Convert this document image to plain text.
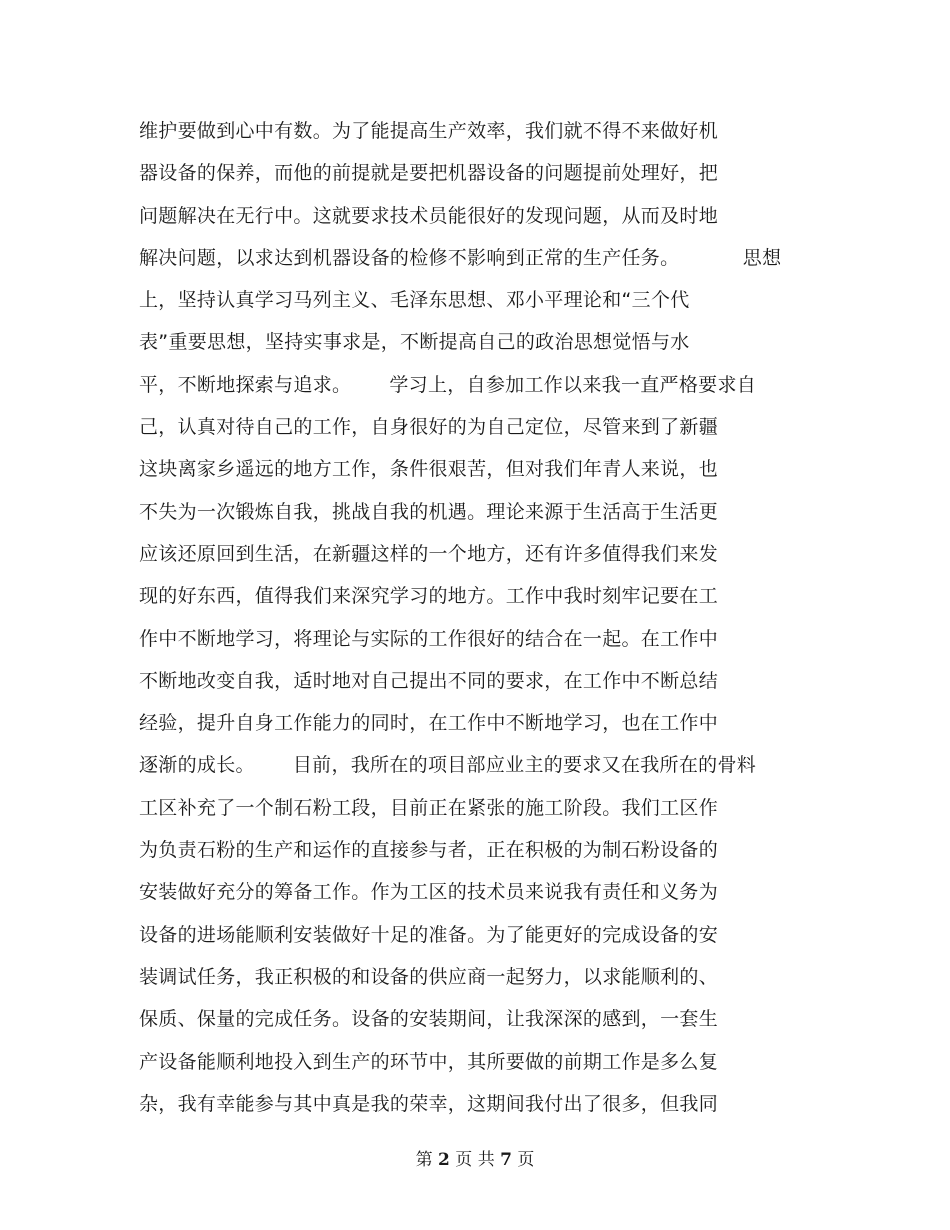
维护要做到心中有数。为了能提高生产效率，我们就不得不来做好机
器设备的保养，而他的前提就是要把机器设备的问题提前处理好，把
问题解决在无行中。这就要求技术员能很好的发现问题，从而及时地
解决问题，以求达到机器设备的检修不影响到正常的生产任务。          思想
上，坚持认真学习马列主义、毛泽东思想、邓小平理论和“三个代
表”重要思想，坚持实事求是，不断提高自己的政治思想觉悟与水
平，不断地探索与追求。      学习上，自参加工作以来我一直严格要求自
己，认真对待自己的工作，自身很好的为自己定位，尽管来到了新疆
这块离家乡遥远的地方工作，条件很艰苦，但对我们年青人来说，也
不失为一次锻炼自我，挑战自我的机遇。理论来源于生活高于生活更
应该还原回到生活，在新疆这样的一个地方，还有许多值得我们来发
现的好东西，值得我们来深究学习的地方。工作中我时刻牢记要在工
作中不断地学习，将理论与实际的工作很好的结合在一起。在工作中
不断地改变自我，适时地对自己提出不同的要求，在工作中不断总结
经验，提升自身工作能力的同时，在工作中不断地学习，也在工作中
逐渐的成长。      目前，我所在的项目部应业主的要求又在我所在的骨料
工区补充了一个制石粉工段，目前正在紧张的施工阶段。我们工区作
为负责石粉的生产和运作的直接参与者，正在积极的为制石粉设备的
安装做好充分的筹备工作。作为工区的技术员来说我有责任和义务为
设备的进场能顺利安装做好十足的准备。为了能更好的完成设备的安
装调试任务，我正积极的和设备的供应商一起努力，以求能顺利的、
保质、保量的完成任务。设备的安装期间，让我深深的感到，一套生
产设备能顺利地投入到生产的环节中，其所要做的前期工作是多么复
杂，我有幸能参与其中真是我的荣幸，这期间我付出了很多，但我同
第 2 页 共 7 页
